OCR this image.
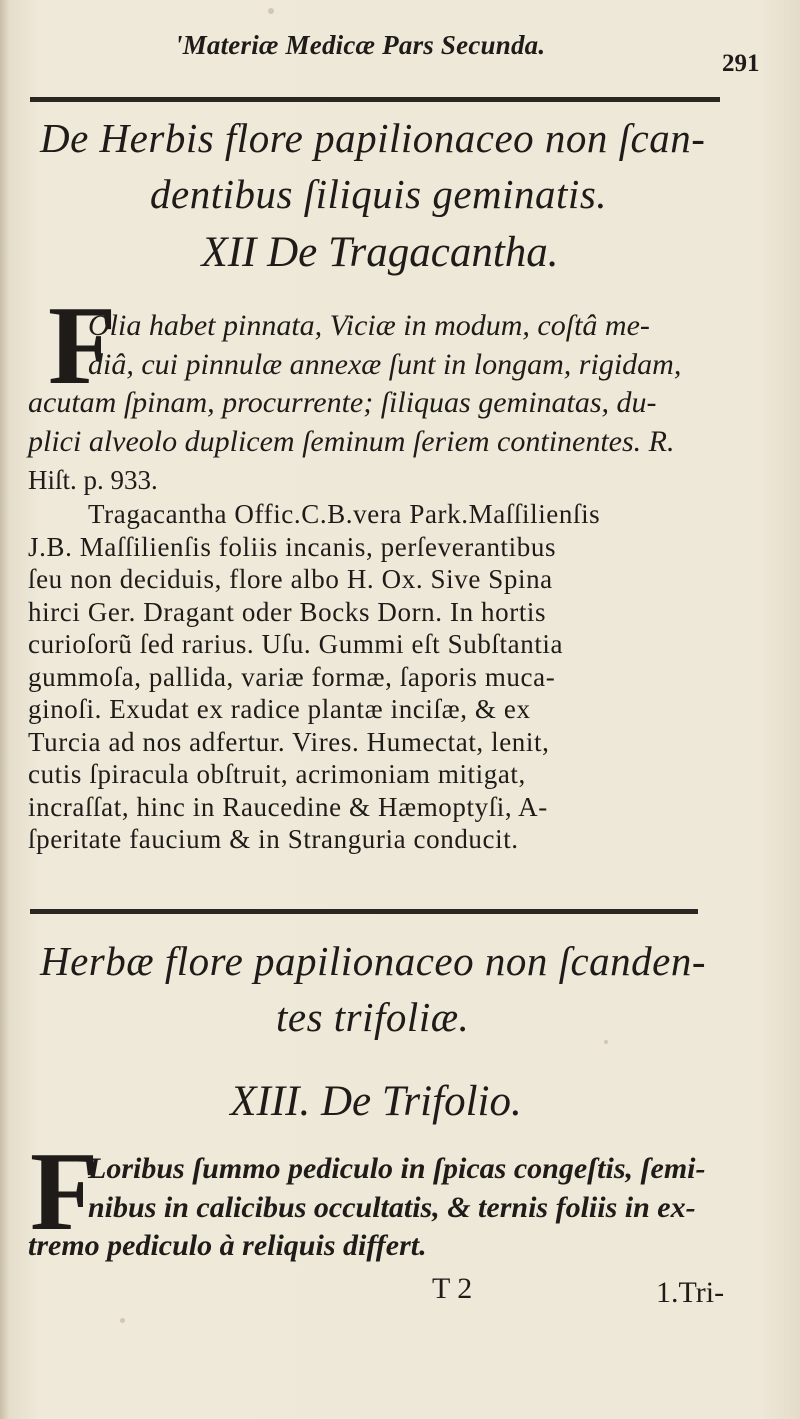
'Materiæ Medicæ Pars Secunda.
291
De Herbis flore papilionaceo non ſcan-
dentibus ſiliquis geminatis.
XII De Tragacantha.
F
Olia habet pinnata, Viciæ in modum, coſtâ me-
diâ, cui pinnulæ annexæ ſunt in longam, rigidam,
acutam ſpinam, procurrente; ſiliquas geminatas, du-
plici alveolo duplicem ſeminum ſeriem continentes. R.
Hiſt. p. 933.
Tragacantha Offic.C.B.vera Park.Maſſilienſis
J.B. Maſſilienſis foliis incanis, perſeverantibus
ſeu non deciduis, flore albo H. Ox. Sive Spina
hirci Ger. Dragant oder Bocks Dorn. In hortis
curioſorũ ſed rarius. Uſu. Gummi eſt Subſtantia
gummoſa, pallida, variæ formæ, ſaporis muca-
ginoſi. Exudat ex radice plantæ inciſæ, & ex
Turcia ad nos adfertur. Vires. Humectat, lenit,
cutis ſpiracula obſtruit, acrimoniam mitigat,
incraſſat, hinc in Raucedine & Hæmoptyſi, A-
ſperitate faucium & in Stranguria conducit.
Herbæ flore papilionaceo non ſcanden-
tes trifoliæ.
XIII. De Trifolio.
F
Loribus ſummo pediculo in ſpicas congeſtis, ſemi-
nibus in calicibus occultatis, & ternis foliis in ex-
tremo pediculo à reliquis differt.
T 2	1.Tri-
